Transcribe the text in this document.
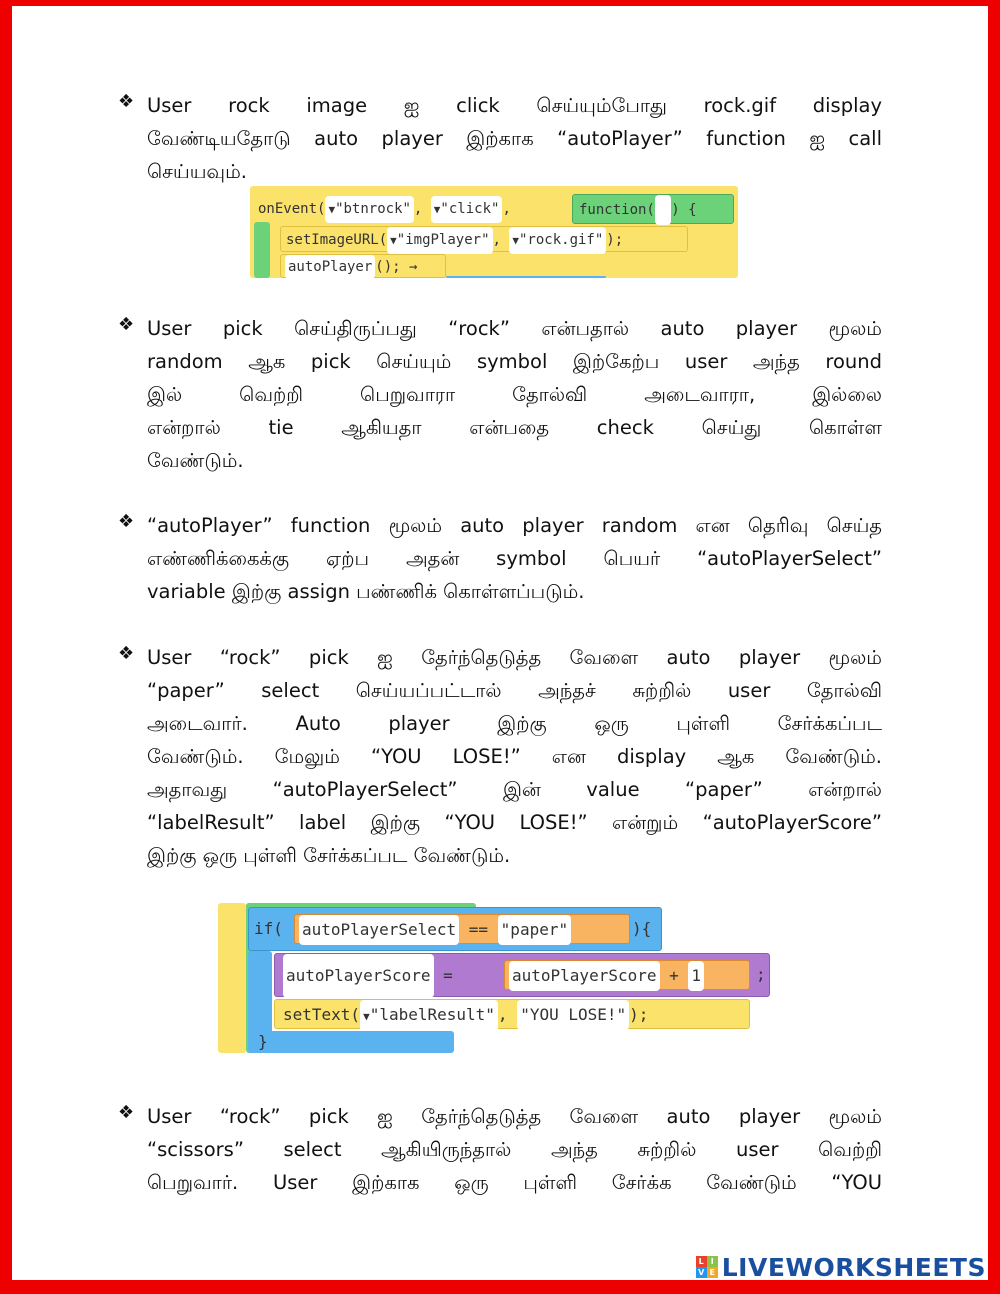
❖ User rock image ஐ click செய்யும்போது rock.gif display
வேண்டியதோடு auto player இற்காக “autoPlayer” function ஐ call
செய்யவும்.
onEvent( ▼"btnrock" , ▼"click" ,	function( ) {
setImageURL( ▼"imgPlayer" , ▼"rock.gif" );
autoPlayer (); →
❖ User pick செய்திருப்பது “rock” என்பதால் auto player மூலம்
random ஆக pick செய்யும் symbol இற்கேற்ப user அந்த round
இல் வெற்றி பெறுவாரா தோல்வி அடைவாரா, இல்லை
என்றால் tie ஆகியதா என்பதை check செய்து கொள்ள
வேண்டும்.
❖ “autoPlayer” function மூலம் auto player random என தெரிவு செய்த
எண்ணிக்கைக்கு ஏற்ப அதன் symbol பெயர் “autoPlayerSelect”
variable இற்கு assign பண்ணிக் கொள்ளப்படும்.
❖ User “rock” pick ஐ தேர்ந்தெடுத்த வேளை auto player மூலம்
“paper” select செய்யப்பட்டால் அந்தச் சுற்றில் user தோல்வி
அடைவார். Auto player இற்கு ஒரு புள்ளி சேர்க்கப்பட
வேண்டும். மேலும் “YOU LOSE!” என display ஆக வேண்டும்.
அதாவது “autoPlayerSelect” இன் value “paper” என்றால்
“labelResult” label இற்கு “YOU LOSE!” என்றும் “autoPlayerScore”
இற்கு ஒரு புள்ளி சேர்க்கப்பட வேண்டும்.
if(	autoPlayerSelect == "paper"	){
autoPlayerScore =	autoPlayerScore + 1	;
setText( ▼"labelResult" , "YOU LOSE!" );
}
❖ User “rock” pick ஐ தேர்ந்தெடுத்த வேளை auto player மூலம்
“scissors” select ஆகியிருந்தால் அந்த சுற்றில் user வெற்றி
பெறுவார். User இற்காக ஒரு புள்ளி சேர்க்க வேண்டும் “YOU
L I
V E LIVEWORKSHEETS
